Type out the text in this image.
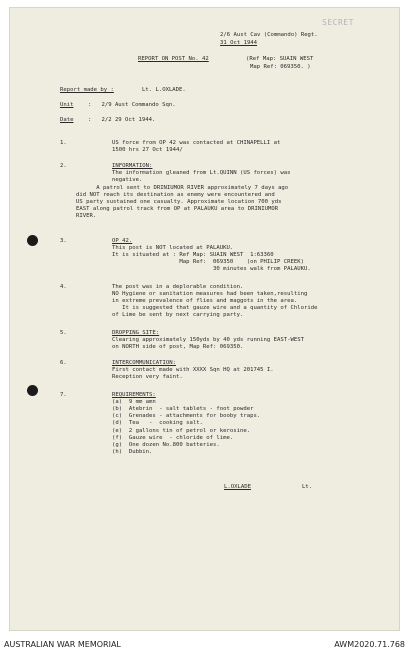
SECRET
2/6 Aust Cav (Commando) Regt.
31 Oct 1944
REPORT ON POST No. 42	(Ref Map: SUAIN WEST
Map Ref: 069350. )
Report made by :	Lt. L.OXLADE.
Unit	:   2/9 Aust Commando Sqn.
Date	:   2/2 29 Oct 1944.
1.	US force from OP 42 was contacted at CHINAPELLI at
1500 hrs 27 Oct 1944/
2.	INFORMATION:
The information gleaned from Lt.QUINN (US forces) was
negative.
A patrol sent to DRINIUMOR RIVER approximately 7 days ago
did NOT reach its destination as enemy were encountered and
US party sustained one casualty. Approximate location 700 yds
EAST along patrol track from OP at PALAUKU area to DRINIUMOR
RIVER.
3.	OP 42.
This post is NOT located at PALAUKU.
It is situated at : Ref Map: SUAIN WEST  1:63360
Map Ref:  069350    (on PHILIP CREEK)
30 minutes walk from PALAUKU.
4.	The post was in a deplorable condition.
NO Hygiene or sanitation measures had been taken,resulting
in extreme prevalence of flies and maggots in the area.
It is suggested that gauze wire and a quantity of Chloride
of Lime be sent by next carrying party.
5.	DROPPING SITE:
Clearing approximately 150yds by 40 yds running EAST-WEST
on NORTH side of post, Map Ref: 069350.
6.	INTERCOMMUNICATION:
First contact made with XXXX Sqn HQ at 201745 I.
Reception very faint.
7.	REQUIREMENTS:
(a)  9 mm amn
(b)  Atebrin  - salt tablets - foot powder
(c)  Grenades - attachments for booby traps.
(d)  Tea   -  cooking salt.
(e)  2 gallons tin of petrol or kerosine.
(f)  Gauze wire  - chloride of lime.
(g)  One dozen No.800 batteries.
(h)  Dubbin.
L.OXLADE	Lt.
AUSTRALIAN WAR MEMORIAL	AWM2020.71.768
